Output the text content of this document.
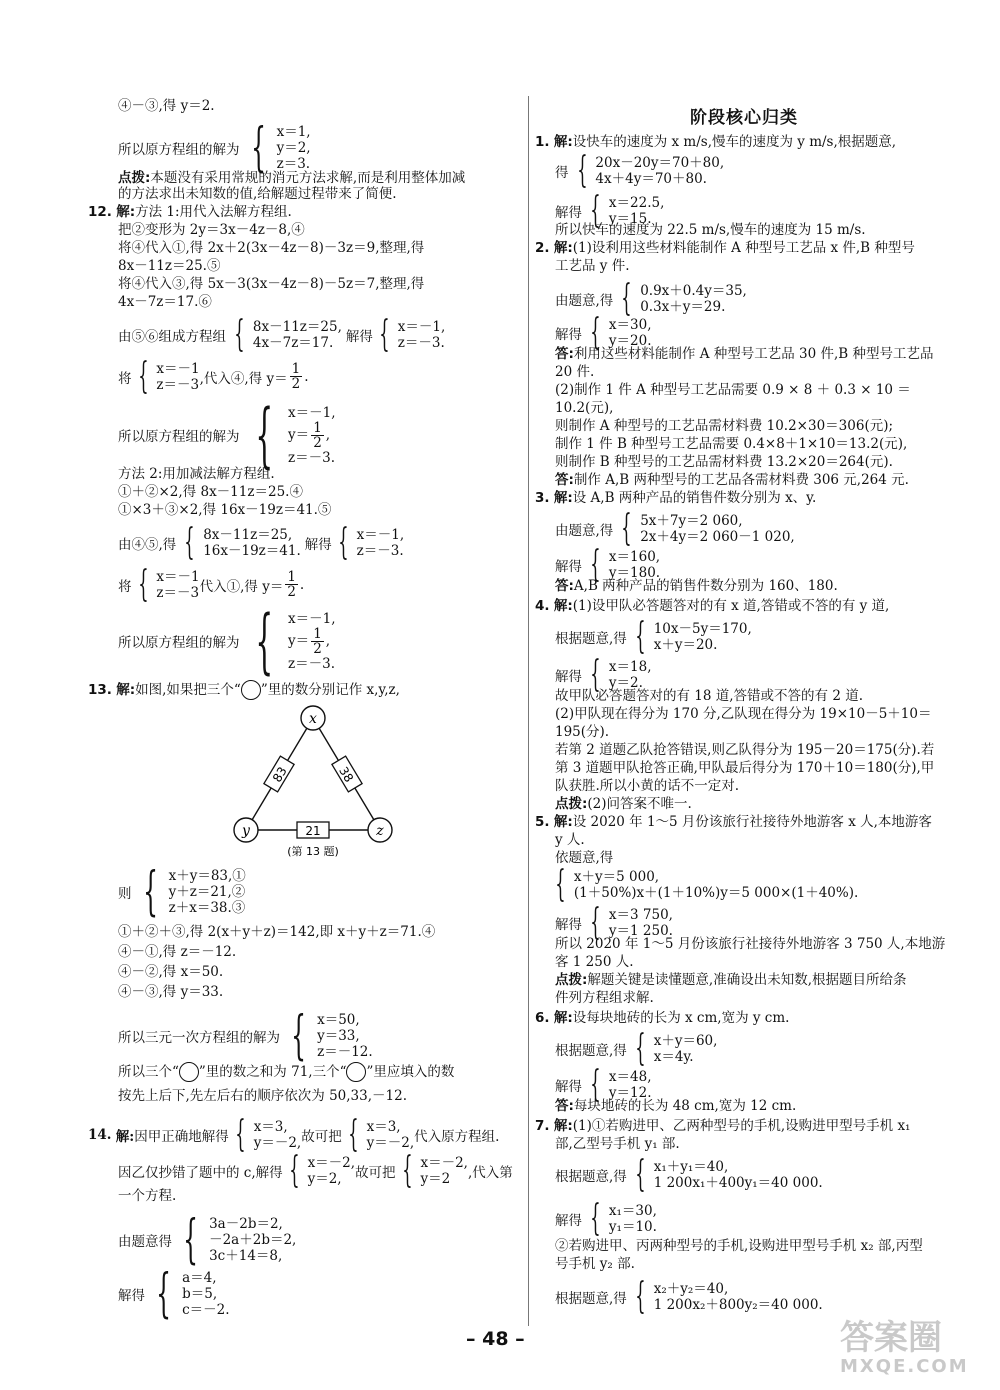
④－③,得 y＝2.
所以原方程组的解为 { x＝1,
y＝2,
z＝3.
点拨:本题没有采用常规的消元方法求解,而是利用整体加减
的方法求出未知数的值,给解题过程带来了简便.
12. 解:方法 1:用代入法解方程组.
把②变形为 2y＝3x－4z－8,④
将④代入①,得 2x＋2(3x－4z－8)－3z＝9,整理,得
8x－11z＝25.⑤
将④代入③,得 5x－3(3x－4z－8)－5z＝7,整理,得
4x－7z＝17.⑥
由⑤⑥组成方程组 { 8x－11z＝25,
4x－7z＝17. 解得 { x＝－1,
z＝－3.
将 { x＝－1
z＝－3 ,代入④,得 $y= \frac{1}{2}$ .
所以原方程组的解为 { x＝－1,
$y= \frac{1}{2}$ ,
z＝－3.
方法 2:用加减法解方程组.
①＋②×2,得 8x－11z＝25.④
①×3＋③×2,得 16x－19z＝41.⑤
由④⑤,得 { 8x－11z＝25,
16x－19z＝41. 解得 { x＝－1,
z＝－3.
将 { x＝－1
z＝－3 代入①,得 $y= \frac{1}{2}$ .
所以原方程组的解为 { x＝－1,
$y= \frac{1}{2}$ ,
z＝－3.
13.
解: 如图,如果把三个“ ”里的数分别记作 x,y,z,
x
y	z
83	38
21
(第 13 题)
则 { x＋y＝83,①
y＋z＝21,②
z＋x＝38.③
①＋②＋③,得 2(x＋y＋z)＝142,即 x＋y＋z＝71.④
④－①,得 z＝－12.
④－②,得 x＝50.
④－③,得 y＝33.
所以三元一次方程组的解为 { x＝50,
y＝33,
z＝－12.
所以三个“ ”里的数之和为 71,三个“ ”里应填入的数
按先上后下,先左后右的顺序依次为 50,33,－12.
14.
解: 因甲正确地解得 { x＝3,
y＝－2, 故可把 { x＝3,
y＝－2, 代入原方程组.
因乙仅抄错了题中的 c,解得 { x＝－2,
y＝2, 故可把 { x＝－2,
y＝2	,代入第
一个方程.
由题意得 { 3a－2b＝2,
－2a＋2b＝2,
3c＋14＝8,
解得 { a＝4,
b＝5,
c＝－2.
阶段核心归类
1. 解:设快车的速度为 x m/s,慢车的速度为 y m/s,根据题意,
得 { 20x－20y＝70＋80,
4x＋4y＝70＋80.
解得 { x＝22.5,
y＝15.
所以快车的速度为 22.5 m/s,慢车的速度为 15 m/s.
2. 解:(1)设利用这些材料能制作 A 种型号工艺品 x 件,B 种型号
工艺品 y 件.
由题意,得 { 0.9x＋0.4y＝35,
0.3x＋y＝29.
解得 { x＝30,
y＝20.
答:利用这些材料能制作 A 种型号工艺品 30 件,B 种型号工艺品
20 件.
(2)制作 1 件 A 种型号工艺品需要 0.9 × 8 ＋ 0.3 × 10 ＝
10.2(元),
则制作 A 种型号的工艺品需材料费 10.2×30＝306(元);
制作 1 件 B 种型号工艺品需要 0.4×8＋1×10＝13.2(元),
则制作 B 种型号的工艺品需材料费 13.2×20＝264(元).
答:制作 A,B 两种型号的工艺品各需材料费 306 元,264 元.
3. 解:设 A,B 两种产品的销售件数分别为 x、y.
由题意,得 { 5x＋7y＝2 060,
2x＋4y＝2 060－1 020,
解得 { x＝160,
y＝180.
答:A,B 两种产品的销售件数分别为 160、180.
4. 解:(1)设甲队必答题答对的有 x 道,答错或不答的有 y 道,
根据题意,得 { 10x－5y＝170,
x＋y＝20.
解得 { x＝18,
y＝2.
故甲队必答题答对的有 18 道,答错或不答的有 2 道.
(2)甲队现在得分为 170 分,乙队现在得分为 19×10－5＋10＝
195(分).
若第 2 道题乙队抢答错误,则乙队得分为 195－20＝175(分).若
第 3 道题甲队抢答正确,甲队最后得分为 170＋10＝180(分),甲
队获胜.所以小黄的话不一定对.
点拨:(2)问答案不唯一.
5. 解:设 2020 年 1～5 月份该旅行社接待外地游客 x 人,本地游客
y 人.
依题意,得
{ x＋y＝5 000,
(1＋50%)x＋(1＋10%)y＝5 000×(1＋40%).
解得 { x＝3 750,
y＝1 250.
所以 2020 年 1～5 月份该旅行社接待外地游客 3 750 人,本地游
客 1 250 人.
点拨:解题关键是读懂题意,准确设出未知数,根据题目所给条
件列方程组求解.
6. 解:设每块地砖的长为 x cm,宽为 y cm.
根据题意,得 { x＋y＝60,
x＝4y.
解得 { x＝48,
y＝12.
答:每块地砖的长为 48 cm,宽为 12 cm.
7. 解:(1)①若购进甲、乙两种型号的手机,设购进甲型号手机 x₁
部,乙型号手机 y₁ 部.
根据题意,得 { x₁＋y₁＝40,
1 200x₁＋400y₁＝40 000.
解得 { x₁＝30,
y₁＝10.
②若购进甲、丙两种型号的手机,设购进甲型号手机 x₂ 部,丙型
号手机 y₂ 部.
根据题意,得 { x₂＋y₂＝40,
1 200x₂＋800y₂＝40 000.
– 48 –	答案圈
MXQE.COM
